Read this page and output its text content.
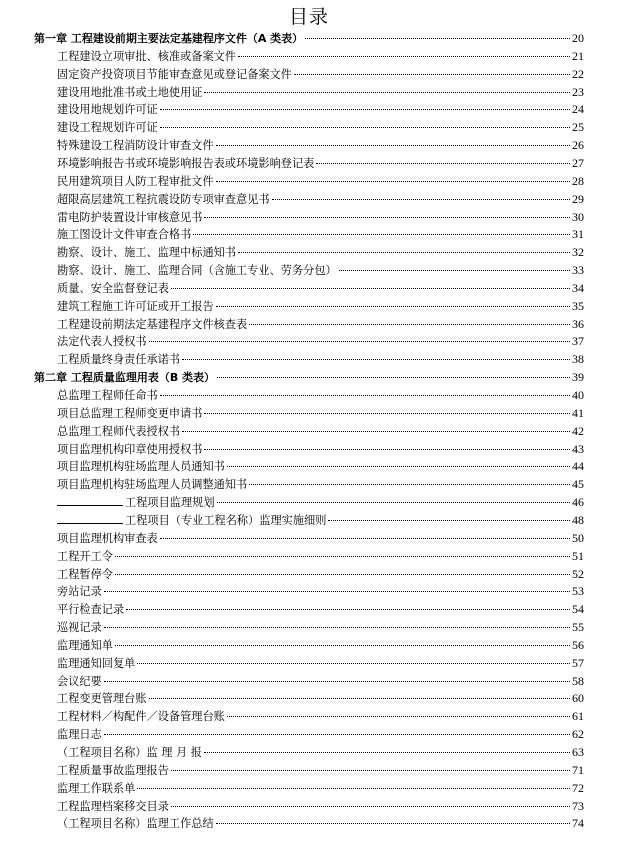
目录
第一章 工程建设前期主要法定基建程序文件（A 类表）	20
工程建设立项审批、核准或备案文件	21
固定资产投资项目节能审查意见或登记备案文件	22
建设用地批准书或土地使用证	23
建设用地规划许可证	24
建设工程规划许可证	25
特殊建设工程消防设计审查文件	26
环境影响报告书或环境影响报告表或环境影响登记表	27
民用建筑项目人防工程审批文件	28
超限高层建筑工程抗震设防专项审查意见书	29
雷电防护装置设计审核意见书	30
施工图设计文件审查合格书	31
勘察、设计、施工、监理中标通知书	32
勘察、设计、施工、监理合同（含施工专业、劳务分包）	33
质量、安全监督登记表	34
建筑工程施工许可证或开工报告	35
工程建设前期法定基建程序文件核查表	36
法定代表人授权书	37
工程质量终身责任承诺书	38
第二章 工程质量监理用表（B 类表）	39
总监理工程师任命书	40
项目总监理工程师变更申请书	41
总监理工程师代表授权书	42
项目监理机构印章使用授权书	43
项目监理机构驻场监理人员通知书	44
项目监理机构驻场监理人员调整通知书	45
工程项目监理规划	46
工程项目（专业工程名称）监理实施细则	48
项目监理机构审查表	50
工程开工令	51
工程暂停令	52
旁站记录	53
平行检查记录	54
巡视记录	55
监理通知单	56
监理通知回复单	57
会议纪要	58
工程变更管理台账	60
工程材料／构配件／设备管理台账	61
监理日志	62
（工程项目名称）监 理 月 报	63
工程质量事故监理报告	71
监理工作联系单	72
工程监理档案移交目录	73
（工程项目名称）监理工作总结	74
